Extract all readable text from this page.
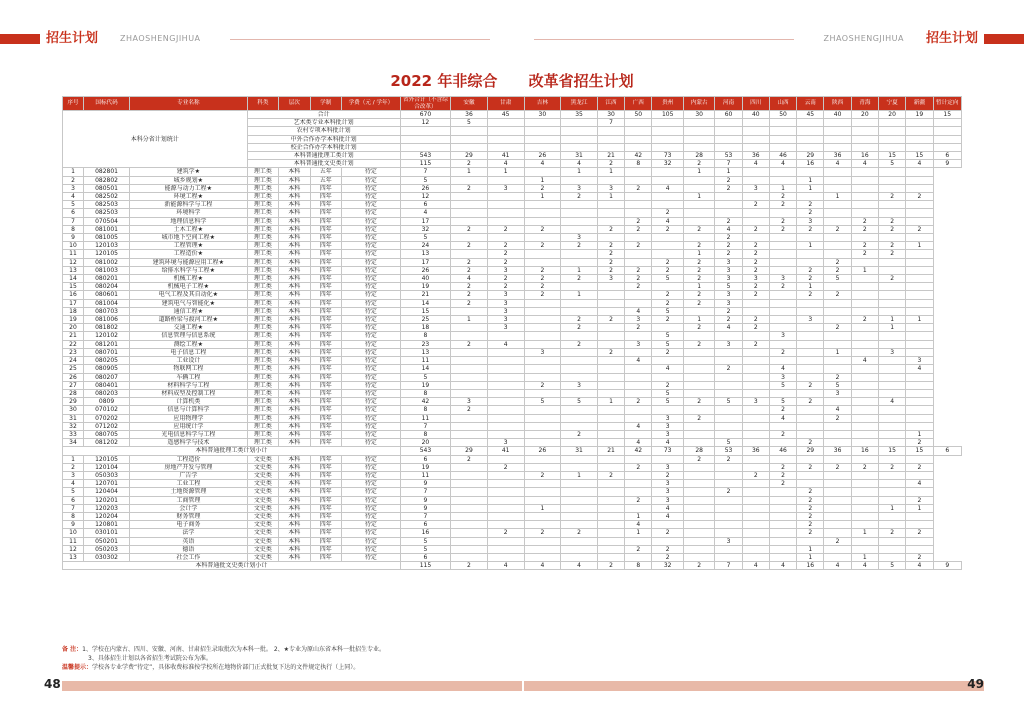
招生计划	ZHAOSHENGJIHUA	ZHAOSHENGJIHUA 招生计划
2022 年非综合      改革省招生计划
序号	国标代码	专业名称	科类	层次	学制	学费（元 / 学年）	省外合计（不含综合改革）	安徽	甘肃	吉林	黑龙江	江西	广西	贵州	内蒙古	河南	四川	山西	云南	陕西	青海	宁夏	新疆	暂计定向
本科分省计划统计			合计				670	36	45	30	35	30	50	105	30	60	40	50	45	40	20	20	19	15
			艺术类专业本科批计划				12	5				7												
			农村专项本科批计划																					
			中外合作办学本科批计划																					
			校企合作办学本科批计划																					
			本科普通批理工类计划				543	29	41	26	31	21	42	73	28	53	36	46	29	36	16	15	15	6
			本科普通批文史类计划				115	2	4	4	4	2	8	32	2	7	4	4	16	4	4	5	4	9
1	082801	建筑学★	理工类	本科	五年	待定	7	1	1		1	1			1	1								
2	082802	城乡规划★	理工类	本科	五年	待定	5			1						2			1					
3	080501	能源与动力工程★	理工类	本科	四年	待定	26	2	3	2	3	3	2	4		2	3	1	1					
4	082502	环境工程★	理工类	本科	四年	待定	12			1	2	1			1			2		1		2	2	
5	082503	新能源科学与工程	理工类	本科	四年	待定	6										2	2	2					
6	082503	环境科学	理工类	本科	四年	待定	4							2					2					
7	070504	地理信息科学	理工类	本科	四年	待定	17						2	4		2		2	3		2	2		
8	081001	土木工程★	理工类	本科	四年	待定	32	2	2	2		2	2	2	2	4	2	2	2	2	2	2	2	
9	081005	城市地下空间工程★	理工类	本科	四年	待定	5				3					2								
10	120103	工程管理★	理工类	本科	四年	待定	24	2	2	2	2	2	2		2	2	2		1		2	2	1	
11	120105	工程造价★	理工类	本科	四年	待定	13		2			2			1	2	2				2	2		
12	081002	建筑环境与能源应用工程★	理工类	本科	四年	待定	17	2	2			2		2	2	3	2			2				
13	081003	给排水科学与工程★	理工类	本科	四年	待定	26	2	3	2	1	2	2	2	2	3	2		2	2	1			
14	080201	机械工程★	理工类	本科	四年	待定	40	4	2	2	2	3	2	5	2	3	3	3	2	5		2		
15	080204	机械电子工程★	理工类	本科	四年	待定	19	2	2	2			2		1	5	2	2	1					
16	080601	电气工程及其自动化★	理工类	本科	四年	待定	21	2	3	2	1			2	2	3	2		2	2				
17	081004	建筑电气与智能化★	理工类	本科	四年	待定	14	2	3					2	2	3								
18	080703	通信工程★	理工类	本科	四年	待定	15		3				4	5		2								
19	081006	道路桥梁与渡河工程★	理工类	本科	四年	待定	25	1	3		2	2	3	2	1	2	2		3		2	1	1	
20	081802	交通工程★	理工类	本科	四年	待定	18		3		2		2		2	4	2			2		1		
21	120102	信息管理与信息系统	理工类	本科	四年	待定	8							5				3						
22	081201	测绘工程★	理工类	本科	四年	待定	23	2	4		2		3	5	2	3	2							
23	080701	电子信息工程	理工类	本科	四年	待定	13			3		2		2				2		1		3		
24	080205	工业设计	理工类	本科	四年	待定	11						4								4		3	
25	080905	物联网工程	理工类	本科	四年	待定	14							4		2		4					4	
26	080207	车辆工程	理工类	本科	四年	待定	5											3		2				
27	080401	材料科学与工程	理工类	本科	四年	待定	19			2	3			2				5	2	5				
28	080203	材料成型及控制工程	理工类	本科	四年	待定	8							5						3				
29	0809	计算机类	理工类	本科	四年	待定	42	3		5	5	1	2	5	2	5	3	5	2			4		
30	070102	信息与计算科学	理工类	本科	四年	待定	8	2										2		4				
31	070202	应用物理学	理工类	本科	四年	待定	11							3	2			4		2				
32	071202	应用统计学	理工类	本科	四年	待定	7						4	3										
33	080705	光电信息科学与工程	理工类	本科	四年	待定	8				2			3				2					1	
34	081202	遥感科学与技术	理工类	本科	四年	待定	20		3				4	4		5			2				2	
本科普通批理工类计划小计							543	29	41	26	31	21	42	73	28	53	36	46	29	36	16	15	15	6
1	120105	工程造价	文史类	本科	四年	待定	6	2							2	2								
2	120104	房地产开发与管理	文史类	本科	四年	待定	19		2				2	3				2	2	2	2	2	2	
3	050303	广告学	文史类	本科	四年	待定	11			2	1	2		2			2	2						
4	120701	工业工程	文史类	本科	四年	待定	9							3				2					4	
5	120404	土地资源管理	文史类	本科	四年	待定	7							3		2			2					
6	120201	工商管理	文史类	本科	四年	待定	9						2	3					2				2	
7	120203	会计学	文史类	本科	四年	待定	9			1				4					2			1	1	
8	120204	财务管理	文史类	本科	四年	待定	7						1	4					2					
9	120801	电子商务	文史类	本科	四年	待定	6						4						2					
10	030101	法学	文史类	本科	四年	待定	16		2	2	2		1	2					2		1	2	2	
11	050201	英语	文史类	本科	四年	待定	5									3				2				
12	050203	德语	文史类	本科	四年	待定	5						2	2					1					
13	030302	社会工作	文史类	本科	四年	待定	6							2					1		1		2	
本科普通批文史类计划小计							115	2	4	4	4	2	8	32	2	7	4	4	16	4	4	5	4	9
备 注：1、学校在内蒙古、四川、安徽、河南、甘肃招生录取批次为本科一批。 2、★专业为原山东省本科一批招生专业。
3、具体招生计划以各省招生考试院公布为准。
温馨提示：学校各专业学费“待定”，具体收费标准按学校所在地物价部门正式批复下达的文件规定执行（上同）。
48	49
